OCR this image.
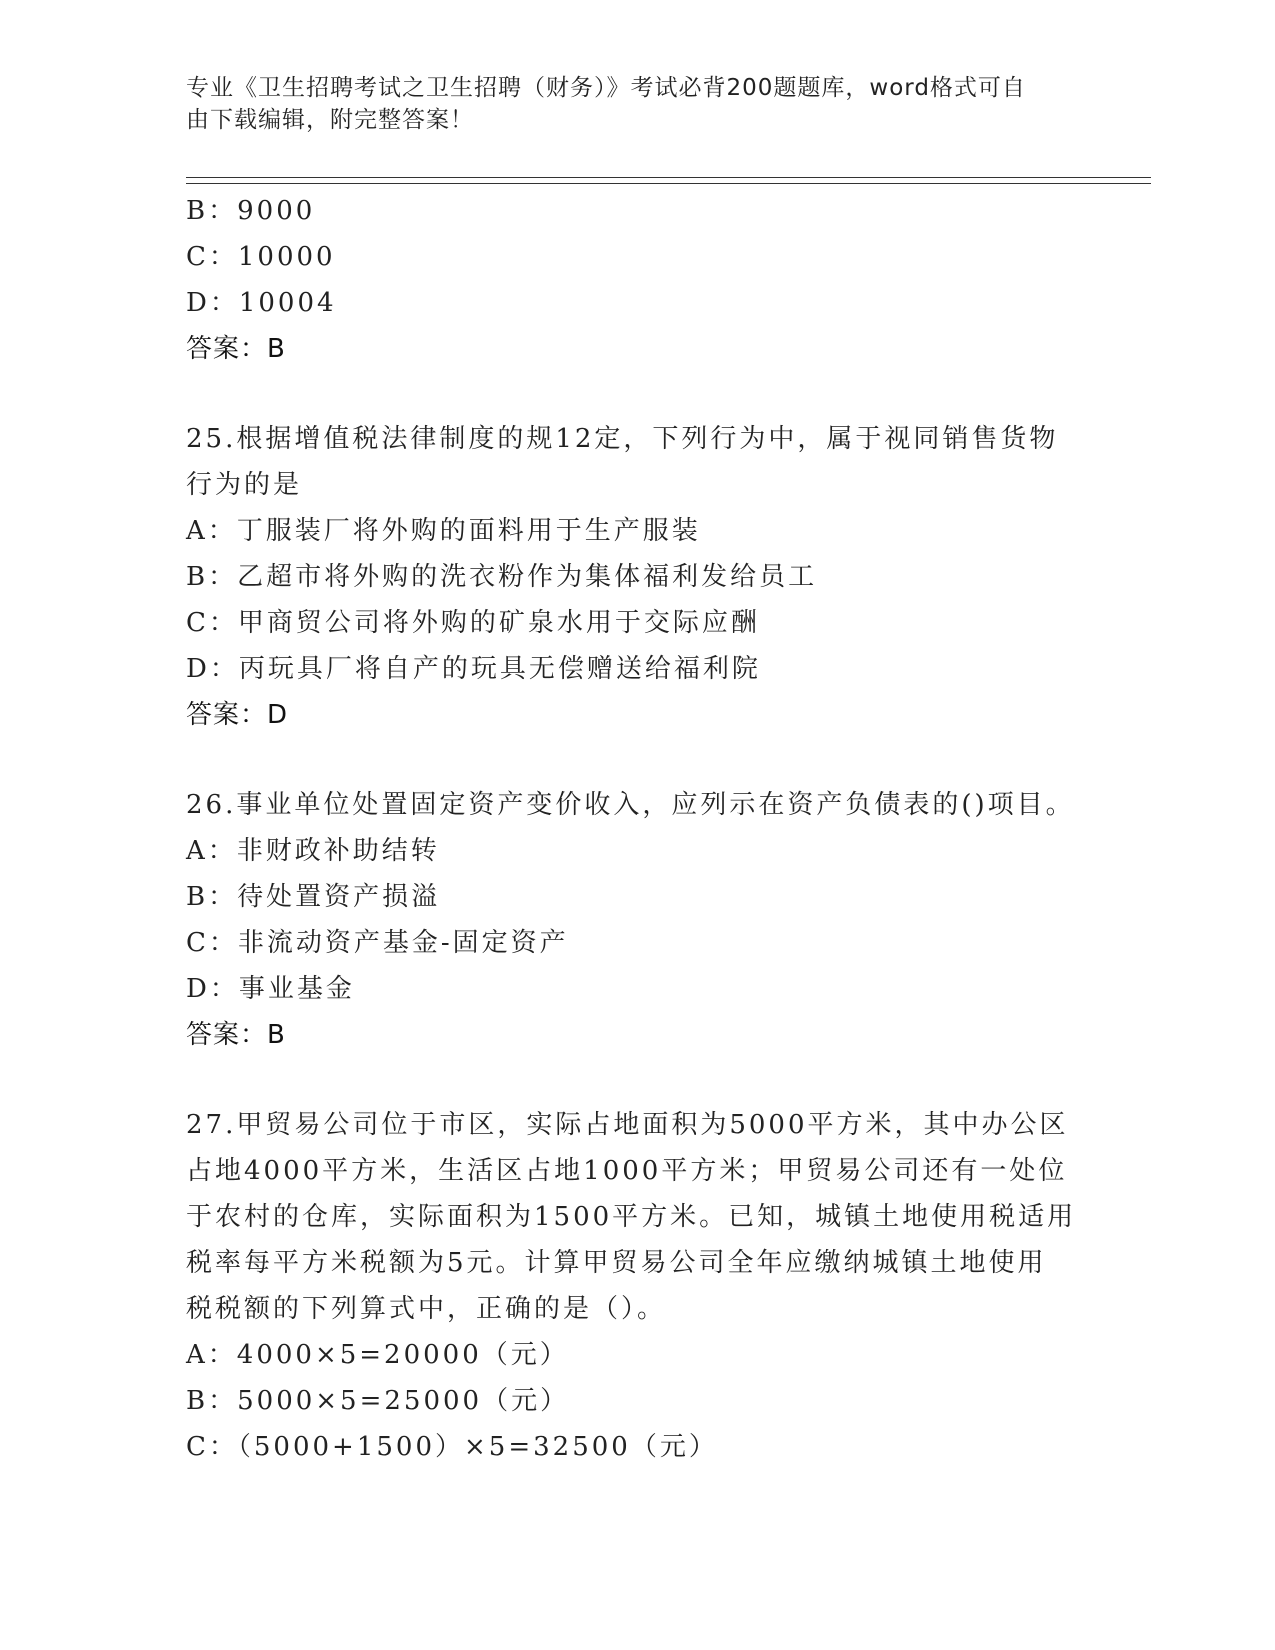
专业《卫生招聘考试之卫生招聘（财务）》考试必背200题题库，word格式可自
由下载编辑，附完整答案！
B：9000
C：10000
D：10004
答案：B
25.根据增值税法律制度的规12定，下列行为中，属于视同销售货物
行为的是
A：丁服装厂将外购的面料用于生产服装
B：乙超市将外购的洗衣粉作为集体福利发给员工
C：甲商贸公司将外购的矿泉水用于交际应酬
D：丙玩具厂将自产的玩具无偿赠送给福利院
答案：D
26.事业单位处置固定资产变价收入，应列示在资产负债表的()项目。
A：非财政补助结转
B：待处置资产损溢
C：非流动资产基金-固定资产
D：事业基金
答案：B
27.甲贸易公司位于市区，实际占地面积为5000平方米，其中办公区
占地4000平方米，生活区占地1000平方米；甲贸易公司还有一处位
于农村的仓库，实际面积为1500平方米。已知，城镇土地使用税适用
税率每平方米税额为5元。计算甲贸易公司全年应缴纳城镇土地使用
税税额的下列算式中，正确的是（）。
A：4000×5=20000（元）
B：5000×5=25000（元）
C：（5000+1500）×5=32500（元）
